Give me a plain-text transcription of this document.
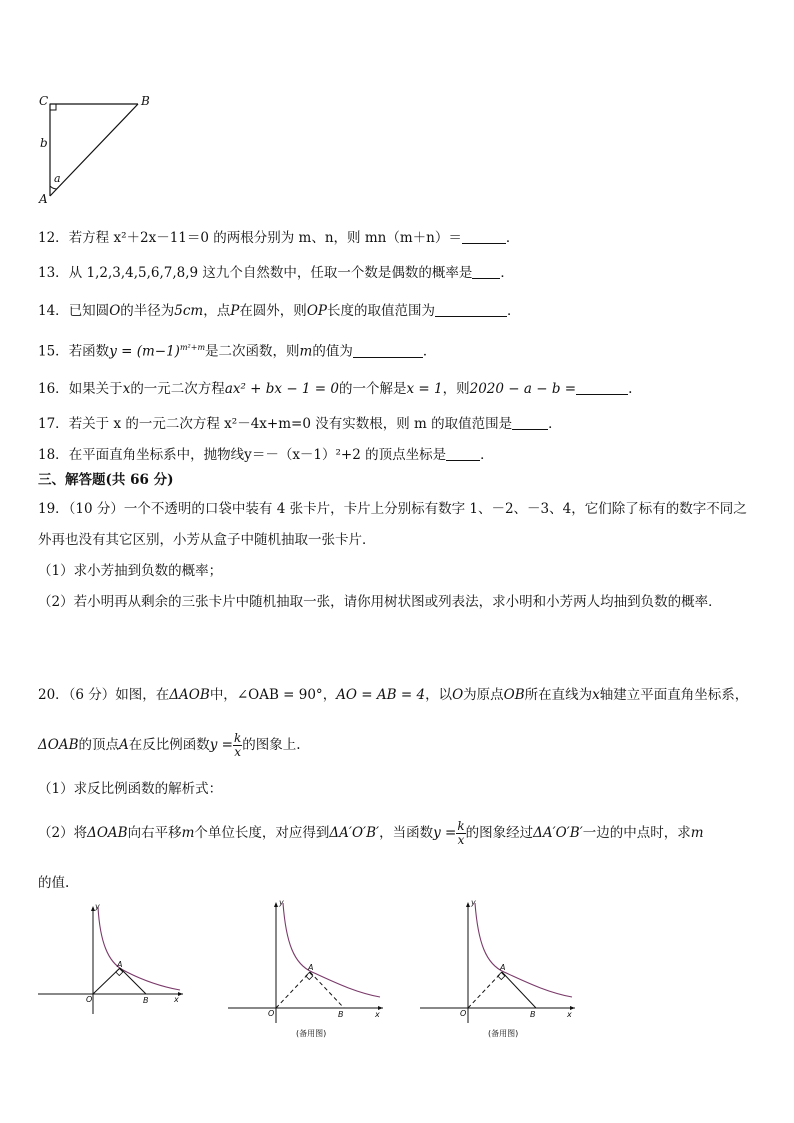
C	B
A
b
a
12．若方程 x²＋2x－11＝0 的两根分别为 m、n，则 mn（m＋n）＝	．
13．从 1,2,3,4,5,6,7,8,9 这九个自然数中，任取一个数是偶数的概率是 ．
14．已知圆O的半径为5cm，点P在圆外，则OP长度的取值范围为	．
15．若函数$y = (m-1)^{m^2+m}$是二次函数，则m的值为	．
16．如果关于x的一元二次方程ax² + bx − 1 = 0的一个解是x = 1，则2020 − a − b =	.
17．若关于 x 的一元二次方程 x²－4x+m=0 没有实数根，则 m 的取值范围是	．
18．在平面直角坐标系中，抛物线y＝－（x－1）²+2 的顶点坐标是	．
三、解答题(共 66 分)
19．（10 分）一个不透明的口袋中装有 4 张卡片，卡片上分别标有数字 1、－2、－3、4，它们除了标有的数字不同之
外再也没有其它区别，小芳从盒子中随机抽取一张卡片．
（1）求小芳抽到负数的概率；
（2）若小明再从剩余的三张卡片中随机抽取一张，请你用树状图或列表法，求小明和小芳两人均抽到负数的概率．
20．（6 分）如图，在ΔAOB中，∠OAB = 90°，AO = AB = 4，以O为原点OB所在直线为x轴建立平面直角坐标系，
ΔOAB的顶点A在反比例函数$y = \frac{k}{x}$ 的图象上.
（1）求反比例函数的解析式：
（2）将ΔOAB向右平移m个单位长度，对应得到ΔA′O′B′，当函数$y = \frac{k}{x}$ 的图象经过ΔA′O′B′一边的中点时，求m
的值.
y
x
O
A
B
y
x
O
A
B
(备用图)
y
x
O
A
B
(备用图)
